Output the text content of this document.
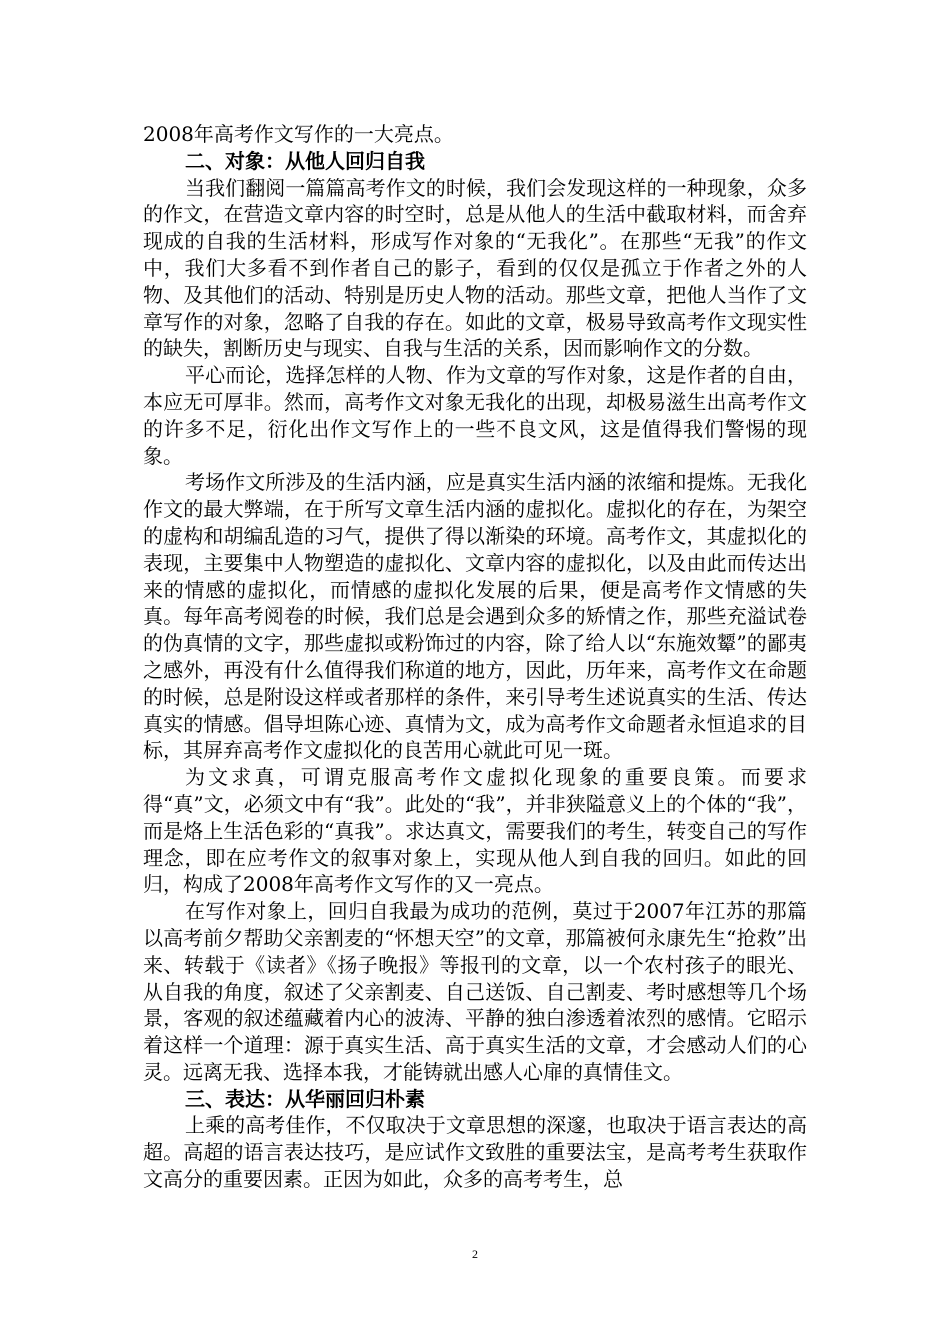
2008年高考作文写作的一大亮点。

二、对象：从他人回归自我

当我们翻阅一篇篇高考作文的时候，我们会发现这样的一种现象，众多的作文，在营造文章内容的时空时，总是从他人的生活中截取材料，而舍弃现成的自我的生活材料，形成写作对象的“无我化”。在那些“无我”的作文中，我们大多看不到作者自己的影子，看到的仅仅是孤立于作者之外的人物、及其他们的活动、特别是历史人物的活动。那些文章，把他人当作了文章写作的对象，忽略了自我的存在。如此的文章，极易导致高考作文现实性的缺失，割断历史与现实、自我与生活的关系，因而影响作文的分数。

平心而论，选择怎样的人物、作为文章的写作对象，这是作者的自由，本应无可厚非。然而，高考作文对象无我化的出现，却极易滋生出高考作文的许多不足，衍化出作文写作上的一些不良文风，这是值得我们警惕的现象。

考场作文所涉及的生活内涵，应是真实生活内涵的浓缩和提炼。无我化作文的最大弊端，在于所写文章生活内涵的虚拟化。虚拟化的存在，为架空的虚构和胡编乱造的习气，提供了得以渐染的环境。高考作文，其虚拟化的表现，主要集中人物塑造的虚拟化、文章内容的虚拟化，以及由此而传达出来的情感的虚拟化，而情感的虚拟化发展的后果，便是高考作文情感的失真。每年高考阅卷的时候，我们总是会遇到众多的矫情之作，那些充溢试卷的伪真情的文字，那些虚拟或粉饰过的内容，除了给人以“东施效颦”的鄙夷之感外，再没有什么值得我们称道的地方，因此，历年来，高考作文在命题的时候，总是附设这样或者那样的条件，来引导考生述说真实的生活、传达真实的情感。倡导坦陈心迹、真情为文，成为高考作文命题者永恒追求的目标，其屏弃高考作文虚拟化的良苦用心就此可见一斑。

为文求真，可谓克服高考作文虚拟化现象的重要良策。而要求得“真”文，必须文中有“我”。此处的“我”，并非狭隘意义上的个体的“我”，而是烙上生活色彩的“真我”。求达真文，需要我们的考生，转变自己的写作理念，即在应考作文的叙事对象上，实现从他人到自我的回归。如此的回归，构成了2008年高考作文写作的又一亮点。

在写作对象上，回归自我最为成功的范例，莫过于2007年江苏的那篇以高考前夕帮助父亲割麦的“怀想天空”的文章，那篇被何永康先生“抢救”出来、转载于《读者》《扬子晚报》等报刊的文章，以一个农村孩子的眼光、从自我的角度，叙述了父亲割麦、自己送饭、自己割麦、考时感想等几个场景，客观的叙述蕴藏着内心的波涛、平静的独白渗透着浓烈的感情。它昭示着这样一个道理：源于真实生活、高于真实生活的文章，才会感动人们的心灵。远离无我、选择本我，才能铸就出感人心扉的真情佳文。

三、表达：从华丽回归朴素

上乘的高考佳作，不仅取决于文章思想的深邃，也取决于语言表达的高超。高超的语言表达技巧，是应试作文致胜的重要法宝，是高考考生获取作文高分的重要因素。正因为如此，众多的高考考生，总

2
